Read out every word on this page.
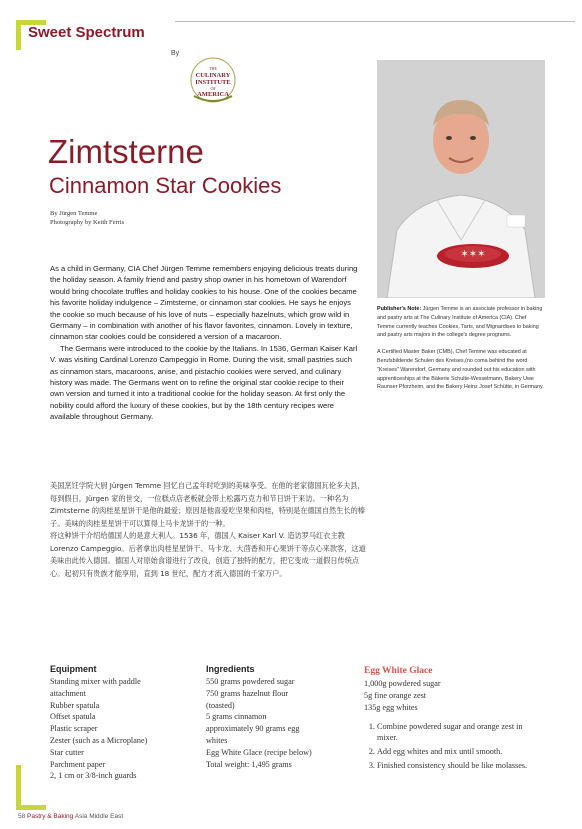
Sweet Spectrum
By
THE
CULINARY
INSTITUTE
OF
AMERICA
Zimtsterne
Cinnamon Star Cookies
By Jürgen Temme
Photography by Keith Ferris

As a child in Germany, CIA Chef Jürgen Temme remembers enjoying delicious treats during the holiday season. A family friend and pastry shop owner in his hometown of Warendorf would bring chocolate truffles and holiday cookies to his house. One of the cookies became his favorite holiday indulgence – Zimtsterne, or cinnamon star cookies. He says he enjoys the cookie so much because of his love of nuts – especially hazelnuts, which grow wild in Germany – in combination with another of his flavor favorites, cinnamon. Lovely in texture, cinnamon star cookies could be considered a version of a macaroon.

The Germans were introduced to the cookie by the Italians. In 1536, German Kaiser Karl V. was visiting Cardinal Lorenzo Campeggio in Rome. During the visit, small pastries such as cinnamon stars, macaroons, anise, and pistachio cookies were served, and culinary history was made. The Germans went on to refine the original star cookie recipe to their own version and turned it into a traditional cookie for the holiday season. At first only the nobility could afford the luxury of these cookies, but by the 18th century recipes were available throughout Germany.

✶✶✶

Publisher's Note: Jürgen Temme is an associate professor in baking and pastry arts at The Culinary Institute of America (CIA). Chef Temme currently teaches Cookies, Tarts, and Mignardises to baking and pastry arts majors in the college's degree programs.

A Certified Master Baker (CMB), Chef Temme was educated at Berufsbildende Schulen des Kreises,(no coma behind the word "Kreises" Warendorf, Germany and rounded out his education with apprenticeships at the Bäkerie Schulte-Wesselmann, Bakery Uwe Raunser Pforzheim, and the Bakery Heinz Josef Schütte, in Germany.

美国烹饪学院大厨 Jürgen Temme 回忆自己孟年时吃到的美味享受。在他的老家德国瓦伦多夫县，每到假日，Jürgen 家的世交，一位糕点店老板就会带上松露巧克力和节日饼干来访。一种名为 Zimtsterne 的肉桂星星饼干是他的最爱；原因是他喜爱吃坚果和肉桂，特别是在德国自然生长的榛子。美味的肉桂星星饼干可以算得上马卡龙饼干的一种。

将这种饼干介绍给德国人的是意大利人。1536 年，德国人 Kaiser Karl V. 造访罗马红衣主教 Lorenzo Campeggio。后者拿出肉桂星星饼干、马卡龙、大茴香和开心果饼干等点心来款客，这道美味由此传入德国。德国人对原始食谱进行了改良，创造了独特的配方，把它变成一道假日传统点心。起初只有贵族才能享用，直到 18 世纪，配方才流入德国的千家万户。

Equipment
Standing mixer with paddle
attachment
Rubber spatula
Offset spatula
Plastic scraper
Zester (such as a Microplane)
Star cutter
Parchment paper
2, 1 cm or 3/8-inch guards
Ingredients
550 grams powdered sugar
750 grams hazelnut flour
(toasted)
5 grams cinnamon
approximately 90 grams egg
whites
Egg White Glace (recipe below)
Total weight: 1,495 grams
Egg White Glace
1,000g powdered sugar
5g fine orange zest
135g egg whites
1. Combine powdered sugar and orange zest in mixer.
2. Add egg whites and mix until smooth.
3. Finished consistency should be like molasses.
58 Pastry & Baking Asia Middle East
